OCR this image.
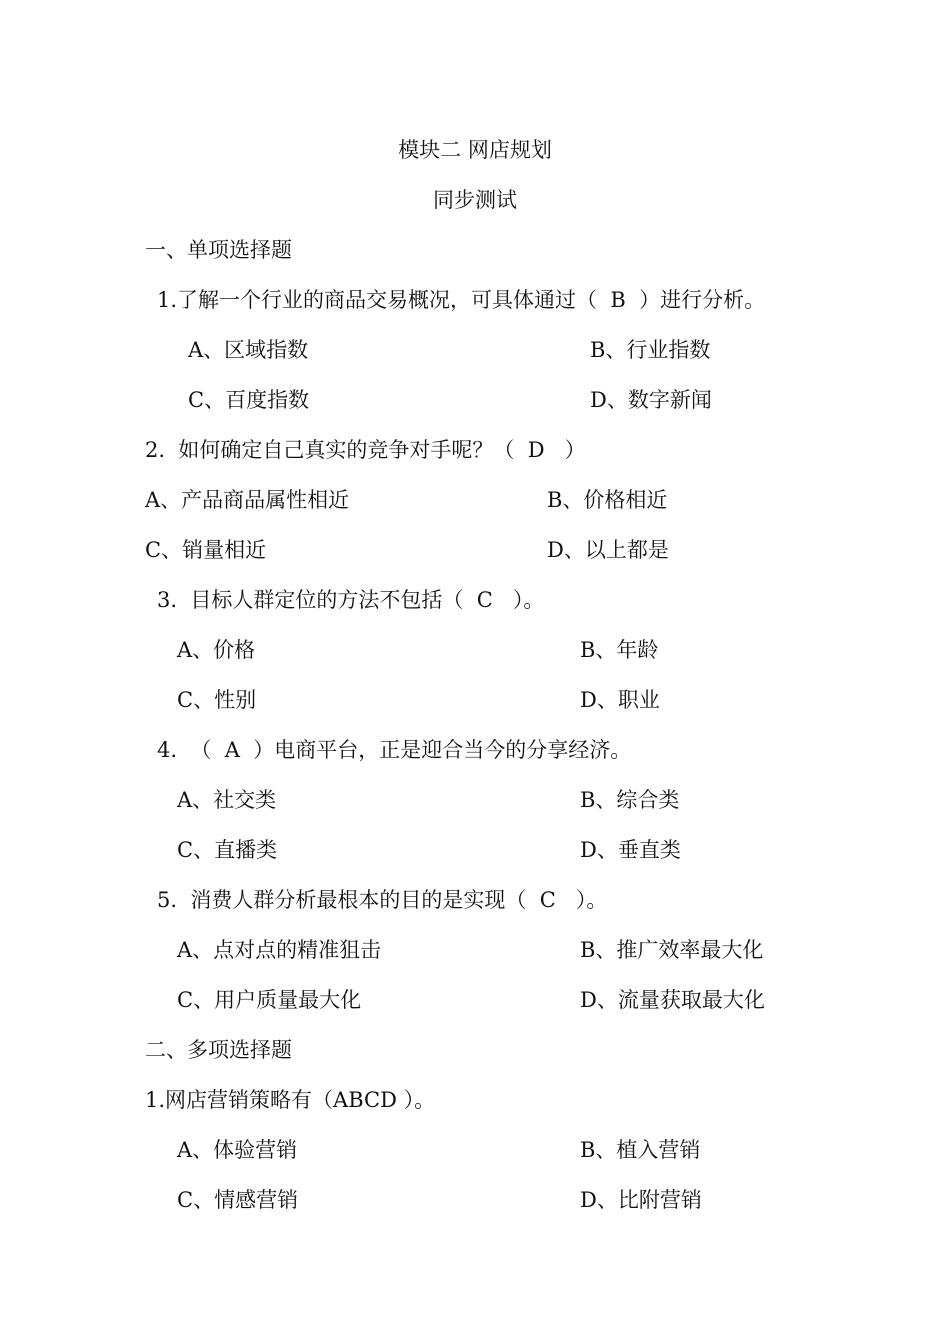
模块二 网店规划
同步测试
一、单项选择题
1.了解一个行业的商品交易概况，可具体通过（  B  ）进行分析。
A、区域指数	B、行业指数
C、百度指数	D、数字新闻
2.  如何确定自己真实的竞争对手呢？（  D   ）
A、产品商品属性相近	B、价格相近
C、销量相近	D、以上都是
3.  目标人群定位的方法不包括（  C   ）。
A、价格	B、年龄
C、性别	D、职业
4.  （  A  ）电商平台，正是迎合当今的分享经济。
A、社交类	B、综合类
C、直播类	D、垂直类
5.  消费人群分析最根本的目的是实现（  C   ）。
A、点对点的精准狙击	B、推广效率最大化
C、用户质量最大化	D、流量获取最大化
二、多项选择题
1.网店营销策略有（ABCD ）。
A、体验营销	B、植入营销
C、情感营销	D、比附营销
